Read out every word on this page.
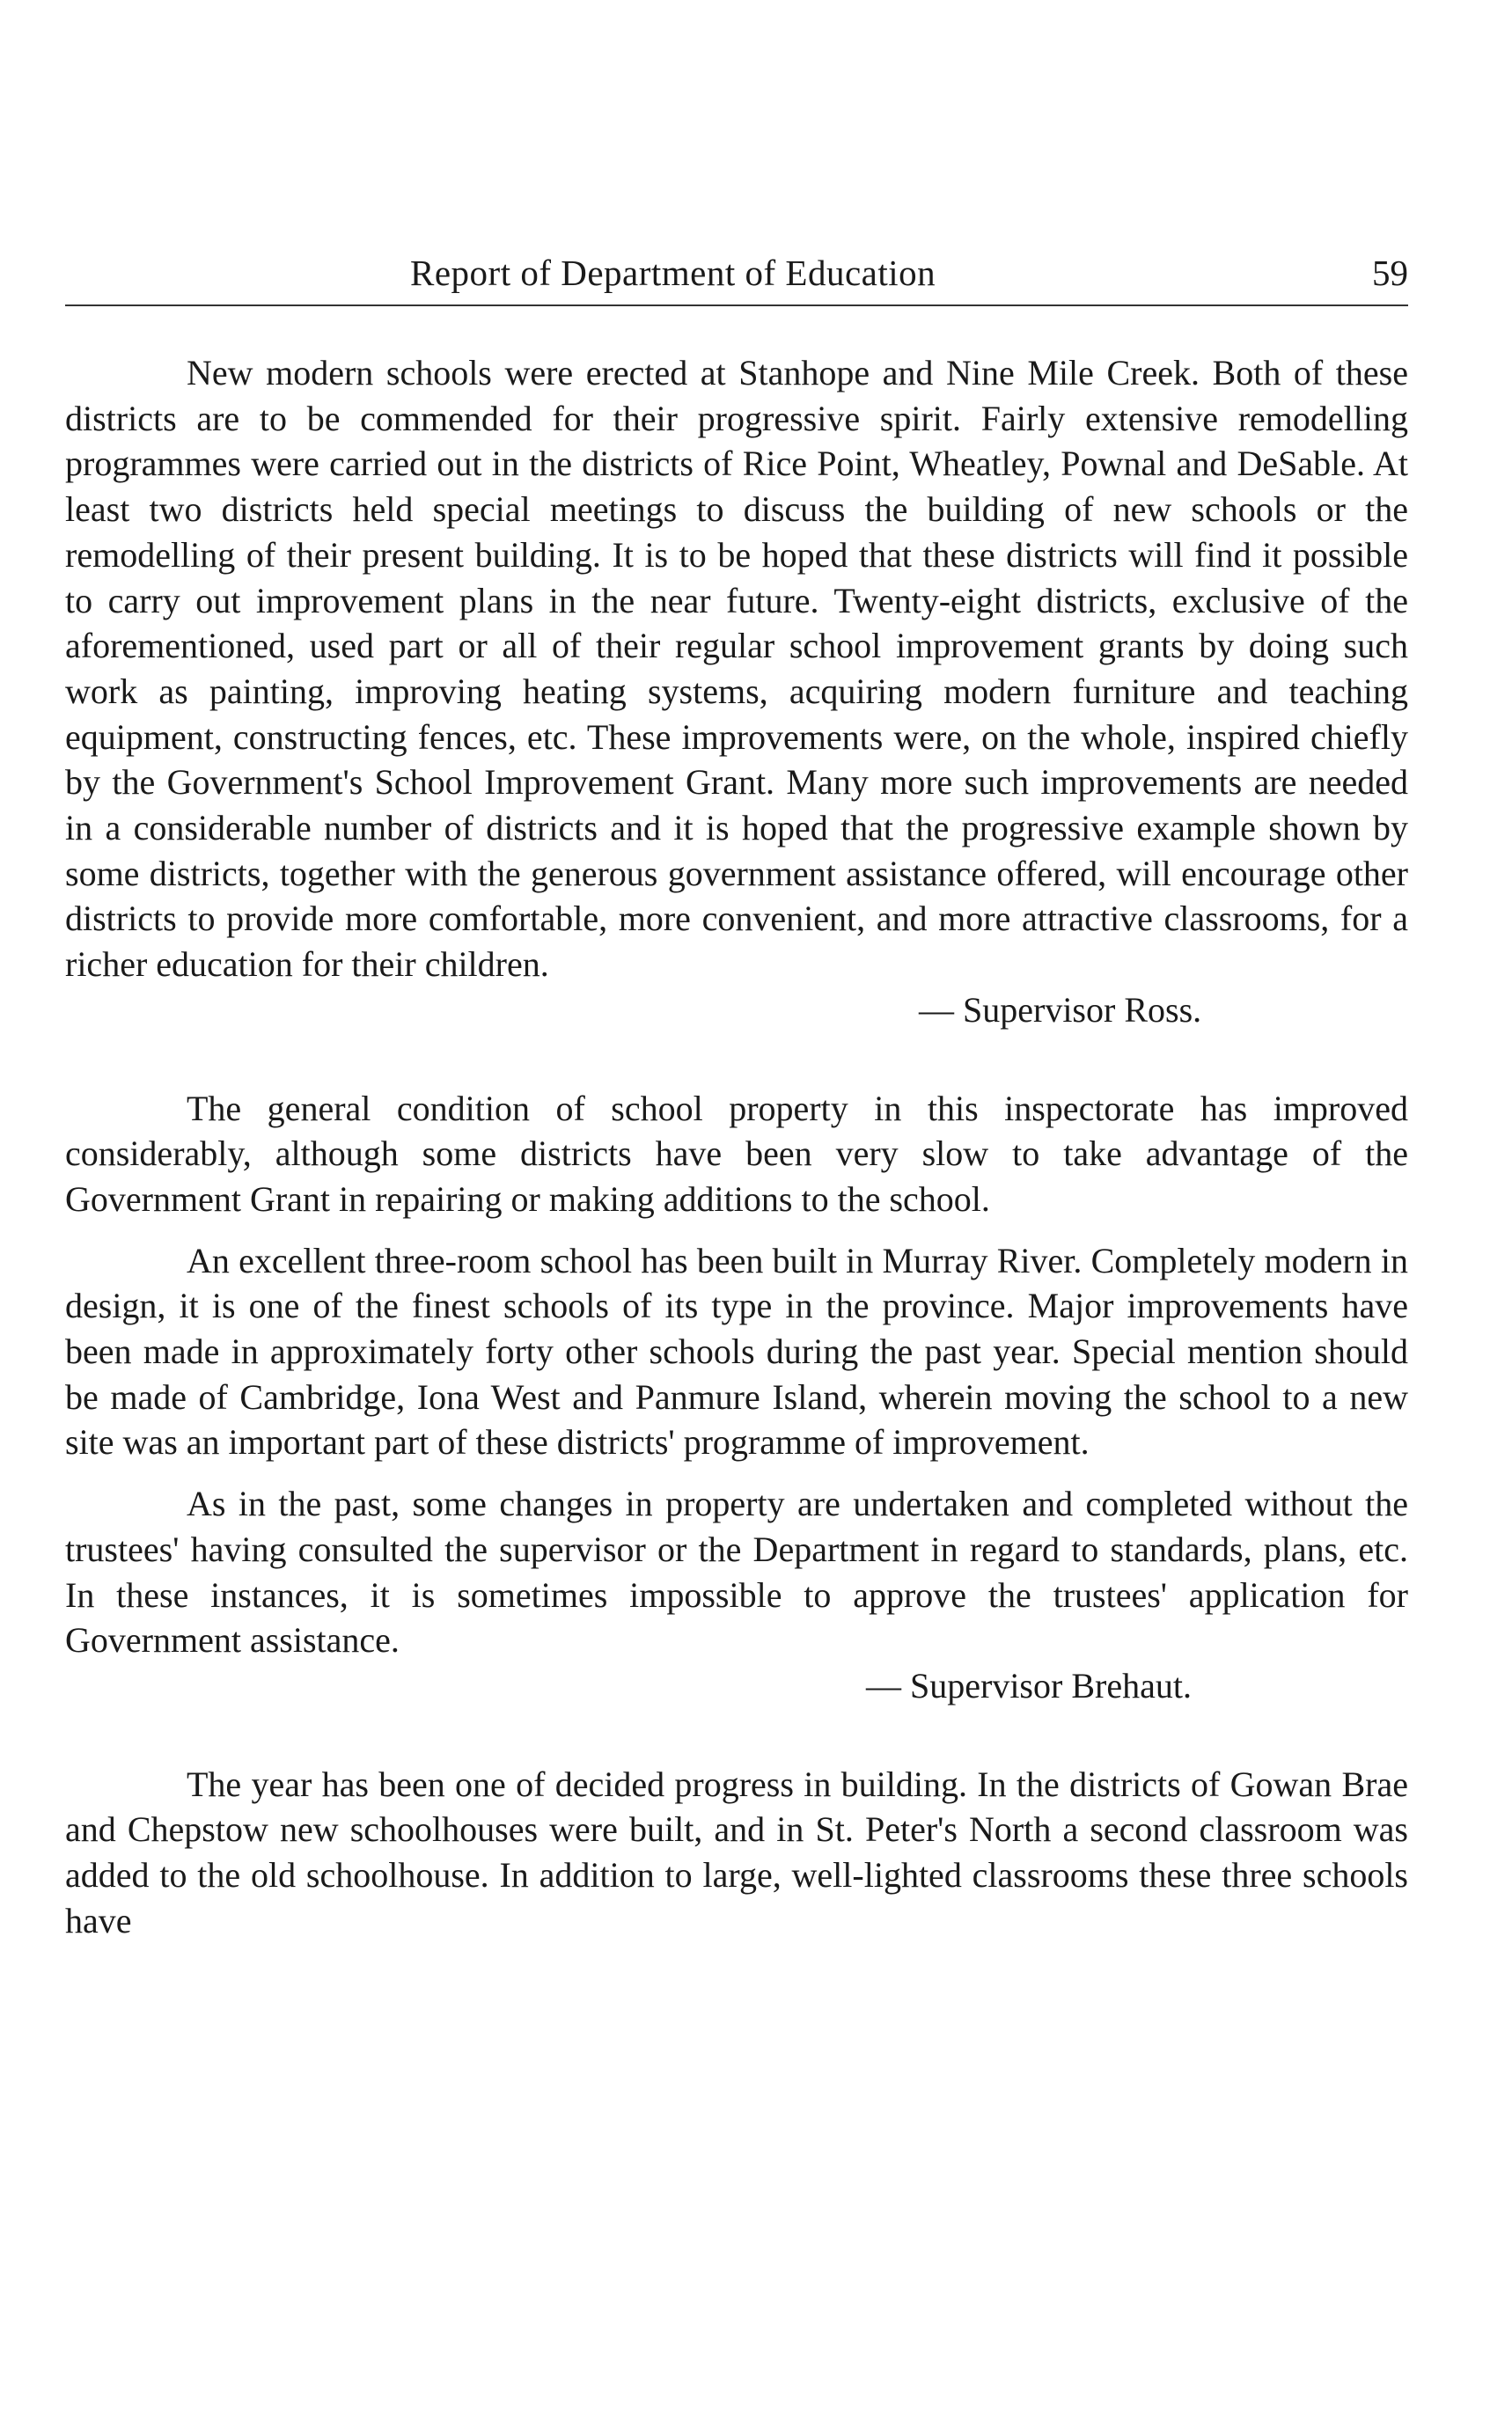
Report of Department of Education	59

New modern schools were erected at Stanhope and Nine Mile Creek. Both of these districts are to be commended for their progressive spirit. Fairly extensive remodelling programmes were carried out in the districts of Rice Point, Wheatley, Pownal and DeSable. At least two districts held special meetings to discuss the building of new schools or the remodelling of their present building. It is to be hoped that these districts will find it possible to carry out improvement plans in the near future. Twenty-eight districts, exclusive of the aforementioned, used part or all of their regular school improvement grants by doing such work as painting, improving heating systems, acquiring modern furniture and teaching equipment, constructing fences, etc. These improvements were, on the whole, inspired chiefly by the Government's School Improvement Grant. Many more such improvements are needed in a considerable number of districts and it is hoped that the progressive example shown by some districts, together with the generous government assistance offered, will encourage other districts to provide more comfortable, more convenient, and more attractive classrooms, for a richer education for their children.

— Supervisor Ross.

The general condition of school property in this inspectorate has improved considerably, although some districts have been very slow to take advantage of the Government Grant in repairing or making additions to the school.

An excellent three-room school has been built in Murray River. Completely modern in design, it is one of the finest schools of its type in the province. Major improvements have been made in approximately forty other schools during the past year. Special mention should be made of Cambridge, Iona West and Panmure Island, wherein moving the school to a new site was an important part of these districts' programme of improvement.

As in the past, some changes in property are undertaken and completed without the trustees' having consulted the supervisor or the Department in regard to standards, plans, etc. In these instances, it is sometimes impossible to approve the trustees' application for Government assistance.

— Supervisor Brehaut.

The year has been one of decided progress in building. In the districts of Gowan Brae and Chepstow new schoolhouses were built, and in St. Peter's North a second classroom was added to the old schoolhouse. In addition to large, well-lighted classrooms these three schools have
